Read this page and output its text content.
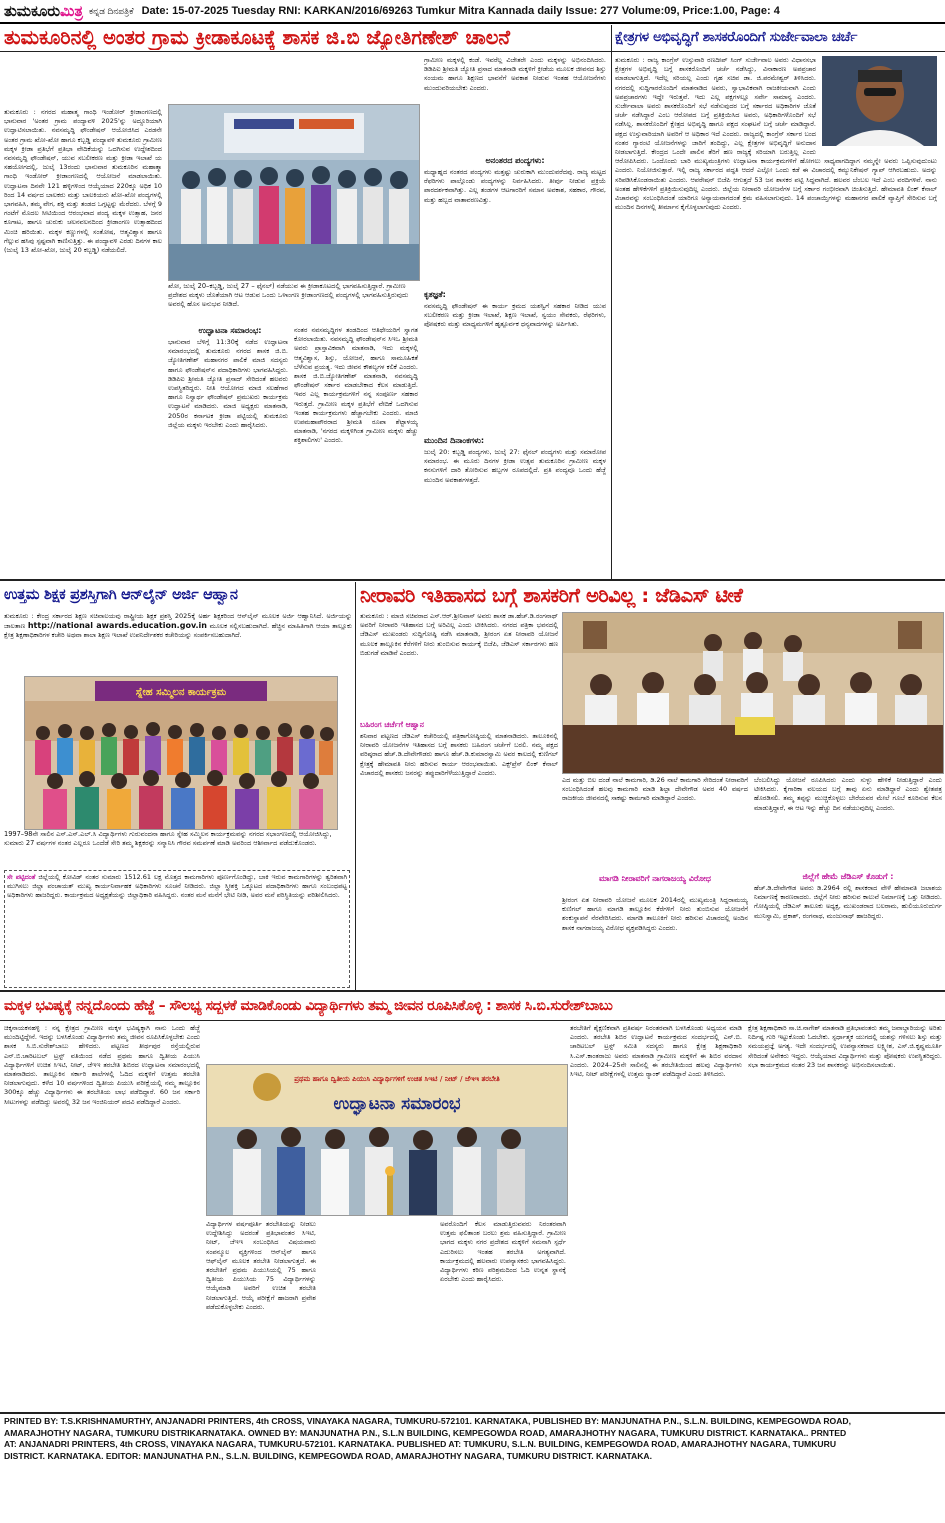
ತುಮಕೂರುಮಿತ್ರ ಕನ್ನಡ ದಿನಪತ್ರಿಕೆ Date: 15-07-2025 Tuesday RNI: KARKAN/2016/69263 Tumkur Mitra Kannada daily Issue: 277 Volume:09, Price:1.00, Page: 4
ತುಮಕೂರಿನಲ್ಲಿ ಅಂತರ ಗ್ರಾಮ ಕ್ರೀಡಾಕೂಟಕ್ಕೆ ಶಾಸಕ ಜಿ.ಬಿ ಜ್ಯೋತಿಗಣೇಶ್ ಚಾಲನೆ	ಕ್ಷೇತ್ರಗಳ ಅಭಿವೃದ್ಧಿಗೆ ಶಾಸಕರೊಂದಿಗೆ ಸುರ್ಜೇವಾಲಾ ಚರ್ಚೆ
ತುಮಕೂರು : ನಗರದ ಮಹಾತ್ಮ ಗಾಂಧಿ ಇಂಡೋರ್ ಕ್ರೀಡಾಂಗಣದಲ್ಲಿ ಭಾನುವಾರ 'ಅಂತರ ಗ್ರಾಮ ಪಂದ್ಯಾವಳಿ 2025'ನ್ನು ಅದ್ದೂರಿಯಾಗಿ ಉದ್ಘಾಟಿಸಲಾಯಿತು. ನವಸಮೃದ್ಧಿ ಫೌಂಡೇಷನ್ ಆಯೋಜಿಸಿದ ಎರಡನೇ ಅಂತರ ಗ್ರಾಮ ಖೋ-ಖೋ ಹಾಗೂ ಕಬ್ಬಡ್ಡಿ ಪಂದ್ಯಾವಳಿ ತುಮಕೂರು ಗ್ರಾಮೀಣ ಮಕ್ಕಳ ಕ್ರೀಡಾ ಪ್ರತಿಭೆಗೆ ಪ್ರತಿಭಾ ವೇದಿಕೆಯನ್ನು ಒದಗಿಸುವ ಉದ್ದೇಶದಿಂದ ನವಸಮೃದ್ಧಿ ಫೌಂಡೇಷನ್, ಯುವ ಸಬಲೀಕರಣ ಮತ್ತು ಕ್ರೀಡಾ ಇಲಾಖೆ ಯ ಸಹಯೋಗದಲ್ಲಿ, ಜುಲೈ 13ರಂದು ಭಾನುವಾರ ತುಮಕೂರಿನ ಮಹಾತ್ಮಾ ಗಾಂಧಿ ಇಂಡೋರ್ ಕ್ರೀಡಾಂಗಣದಲ್ಲಿ ಆಯೋಜನೆ ಮಾಡಲಾಯಿತು. ಉದ್ಘಾಟನಾ ದಿನವೇ 121 ಹಳ್ಳಿಗಳಿಂದ ಆಯ್ಕೆಯಾದ 220ಕ್ಕೂ ಅಧಿಕ 10 ರಿಂದ 14 ವರ್ಷದ ಬಾಲಕರು ಮತ್ತು ಬಾಲಕಿಯರು ಖೋ-ಖೋ ಪಂದ್ಯಗಳಲ್ಲಿ ಭಾಗವಹಿಸಿ, ತಮ್ಮ ವೇಗ, ಶಕ್ತಿ ಮತ್ತು ತಂಡದ ಒಗ್ಗಟ್ಟನ್ನು ಮೆರೆದರು. ಬೆಳಗ್ಗೆ 9 ಗಂಟೆಗೆ ಮೊದಲ ಸೀಟಿಯಿಂದ ಆರಂಭವಾದ ಪಂದ್ಯ ಮಕ್ಕಳ ಉತ್ಸಾಹ, ಜನರ ಕೂಗಾಟ, ಹಾಗೂ ಚುರುಕು ಚಲನವಲನದಿಂದ ಕ್ರೀಡಾಂಗಣ ಉತ್ಸಾಹದಿಂದ ಮಿಂಚಿ ಹರಿಯಿತು. ಮಕ್ಕಳ ಕಣ್ಣುಗಳಲ್ಲಿ ಸಂತೋಷ, ಆತ್ಮವಿಶ್ವಾಸ ಹಾಗೂ ಗೆಲ್ಲುವ ಹಸಿವು ಸ್ಪಷ್ಟವಾಗಿ ಕಾಣಿಸುತ್ತಿತ್ತು. ಈ ಪಂದ್ಯಾವಳಿ ಎರಡು ದಿನಗಳ ಕಾಲ (ಜುಲೈ 13 ಖೋ-ಖೋ, ಜುಲೈ 20 ಕಬ್ಬಡ್ಡಿ) ನಡೆಯಲಿದೆ.
ಖೋ, ಜುಲೈ 20–ಕಬ್ಬಡ್ಡಿ, ಜುಲೈ 27 – ಫೈನಲ್) ನಡೆಯುವ ಈ ಕ್ರೀಡಾಕೂಟದಲ್ಲಿ ಭಾಗವಹಿಸುತ್ತಿದ್ದಾರೆ. ಗ್ರಾಮೀಣ ಪ್ರದೇಶದ ಮಕ್ಕಳು ಜೊತೆಯಾಗಿ ಆಟ ಆಡುವ ಒಂದು ಒಳಾಂಗಣ ಕ್ರೀಡಾಂಗಣದಲ್ಲಿ ಪಂದ್ಯಗಳಲ್ಲಿ ಭಾಗವಹಿಸುತ್ತಿರುವುದು ಅವರಲ್ಲಿ ಹೊಸ ಅನುಭವ ನೀಡಿದೆ.
ಉದ್ಘಾಟನಾ ಸಮಾರಂಭ:
ಭಾನುವಾರ ಬೆಳಿಗ್ಗೆ 11:30ಕ್ಕೆ ನಡೆದ ಉದ್ಘಾಟನಾ ಸಮಾರಂಭದಲ್ಲಿ ತುಮಕೂರು ನಗರದ ಶಾಸಕ ಜಿ.ಬಿ. ಜ್ಯೋತಿಗಣೇಶ್ ಮಹಾನಗರ ಪಾಲಿಕೆ ಮಾಜಿ ಸದಸ್ಯರು ಹಾಗೂ ಫೌಂಡೇಷನ್‌ನ ಪದಾಧಿಕಾರಿಗಳು ಭಾಗವಹಿಸಿದ್ದರು. ಡಿಡಿಪಿಐ ಶ್ರೀಮತಿ ಜ್ಯೋತಿ ಪ್ರಸಾದ್ ಸೇರಿದಂತೆ ಹಲವರು ಉಪಸ್ಥಿತರಿದ್ದರು. ನೀತಿ ಆಯೋಗದ ಮಾಜಿ ಸಲಹೆಗಾರ ಹಾಗೂ ನಿಸ್ವಾರ್ಥ ಫೌಂಡೇಷನ್ ಪ್ರಮುಖರು ಕಾರ್ಯಕ್ರಮ ಉದ್ಘಾಟನೆ ಮಾಡಿದರು. ಮಾಜಿ ಅಧ್ಯಕ್ಷರು ಮಾತನಾಡಿ, 2050ರ ಕರ್ನಾಟಕ ಕ್ರೀಡಾ ಪಟ್ಟಿಯಲ್ಲಿ ತುಮಕೂರು ಜಿಲ್ಲೆಯ ಮಕ್ಕಳು ಇರಬೇಕು ಎಂದು ಹಾರೈಸಿದರು.
ನಂತರ ನವಸಮೃದ್ಧಿಗಳ ತಂಡದಿಂದ ಆತಿಥೇಯರಿಗೆ ಸ್ವಾಗತ ಕೋರಲಾಯಿತು. ನವಸಮೃದ್ಧಿ ಫೌಂಡೇಷನ್‌ನ ಸಿಇಒ ಶ್ರೀಮತಿ ಅವರು ಪ್ರಾಸ್ತಾವಿಕವಾಗಿ ಮಾತನಾಡಿ, ಇದು ಮಕ್ಕಳಲ್ಲಿ ಆತ್ಮವಿಶ್ವಾಸ, ಶಿಸ್ತು, ಯೋಜನೆ, ಹಾಗೂ ಸಾಮೂಹಿಕತೆ ಬೆಳೆಸುವ ಪ್ರಯತ್ನ. ಇದು ಜೀವನ ಕೌಶಲ್ಯಗಳ ಕಲಿಕೆ ಎಂದರು. ಶಾಸಕ ಜಿ.ಬಿ.ಜ್ಯೋತಿಗಣೇಶ್ ಮಾತನಾಡಿ, ನವಸಮೃದ್ಧಿ ಫೌಂಡೇಷನ್ ಸರ್ಕಾರ ಮಾಡಬೇಕಾದ ಕೆಲಸ ಮಾಡುತ್ತಿದೆ. ಇವರ ಎಲ್ಲ ಕಾರ್ಯಕ್ರಮಗಳಿಗೆ ನನ್ನ ಸಂಪೂರ್ಣ ಸಹಕಾರ ಇರುತ್ತದೆ. ಗ್ರಾಮೀಣ ಮಕ್ಕಳ ಪ್ರತಿಭೆಗೆ ವೇದಿಕೆ ಒದಗಿಸುವ ಇಂತಹ ಕಾರ್ಯಕ್ರಮಗಳು ಹೆಚ್ಚಾಗಬೇಕು ಎಂದರು. ಮಾಜಿ ಉಪಮಹಾಪೌರರಾದ ಶ್ರೀಮತಿ ರೂಪಾ ಶೆಟ್ಟಾಳಯ್ಯ ಮಾತನಾಡಿ, 'ನಗರದ ಮಕ್ಕಳಿಗಿಂತ ಗ್ರಾಮೀಣ ಮಕ್ಕಳು ಹೆಚ್ಚು ಶಕ್ತಿಶಾಲಿಗಳು' ಎಂದರು.
ಗ್ರಾಮೀಣ ಮಕ್ಕಳಲ್ಲಿ ಕಂಡೆ. ಇವರೆಲ್ಲ ವಿಜೇತರೇ ಎಂದು ಮಕ್ಕಳನ್ನು ಅಭಿನಂದಿಸಿದರು. ಡಿಡಿಪಿಐ ಶ್ರೀಮತಿ ಜ್ಯೋತಿ ಪ್ರಸಾದ ಮಾತನಾಡಿ ಮಕ್ಕಳಿಗೆ ಕ್ರೀಡೆಯ ಮೂಲಕ ಜೀವನದ ಶಿಸ್ತು ಸಂಯಮ ಹಾಗೂ ಶಿಕ್ಷಣದ ಭಾವನೆಗೆ ಅವಕಾಶ ನೀಡುವ ಇಂತಹ ಆಯೋಜನೆಗಳು ಮುಂದುವರಿಯಬೇಕು ಎಂದರು.
ಅನಂತರದ ಪಂದ್ಯಗಳು:
ಮಧ್ಯಾಹ್ನದ ನಂತರದ ಪಂದ್ಯಗಳು ಮತ್ತಷ್ಟು ಚುರುಕಾಗಿ ಮುಂದುವರೆದವು. ರಾಜ್ಯ ಮಟ್ಟದ ರೆಫರಿಗಳು ಪಾಲ್ಗೊಂಡು ಪಂದ್ಯಗಳನ್ನು ನಿರ್ವಹಿಸಿದರು. ತೀರ್ಪು ನೀಡುವ ಪ್ರಕ್ರಿಯೆ ಪಾರದರ್ಶಕವಾಗಿತ್ತು. ಎಲ್ಲ ತಂಡಗಳ ಆಟಗಾರರಿಗೆ ಸಮಾನ ಅವಕಾಶ, ಸಹಕಾರ, ಗೌರವ, ಮತ್ತು ಹಬ್ಬದ ವಾತಾವರಣವಿತ್ತು.
ಕೃತಜ್ಞತೆ:
ನವಸಮೃದ್ಧಿ ಫೌಂಡೇಷನ್ ಈ ಕಾರ್ಯ ಕ್ರಮದ ಯಶಸ್ವಿಗೆ ಸಹಕಾರ ನೀಡಿದ ಯುವ ಸಬಲೀಕರಣ ಮತ್ತು ಕ್ರೀಡಾ ಇಲಾಖೆ, ಶಿಕ್ಷಣ ಇಲಾಖೆ, ಸ್ವಯಂ ಸೇವಕರು, ರೆಫರಿಗಳು, ಪೋಷಕರು ಮತ್ತು ಮಾಧ್ಯಮಗಳಿಗೆ ಹೃತ್ಪೂರ್ವಕ ಧನ್ಯವಾದಗಳನ್ನು ಅರ್ಪಿಸಿತು.
ಮುಂದಿನ ದಿನಾಂಕಗಳು:
ಜುಲೈ 20: ಕಬ್ಬಡ್ಡಿ ಪಂದ್ಯಗಳು, ಜುಲೈ 27: ಫೈನಲ್ ಪಂದ್ಯಗಳು ಮತ್ತು ಸಮಾರೋಪ ಸಮಾರಂಭ. ಈ ಮೂರು ದಿನಗಳ ಕ್ರೀಡಾ ಉತ್ಸವ ತುಮಕೂರಿನ ಗ್ರಾಮೀಣ ಮಕ್ಕಳ ಕನಸುಗಳಿಗೆ ದಾರಿ ತೋರಿಸುವ ಹಬ್ಬಗಳ ರೂಪದಲ್ಲಿದೆ. ಪ್ರತಿ ಪಂದ್ಯವೂ ಒಂದು ಹೆಜ್ಜೆ ಮುಂದಿನ ಅವಕಾಶಗಳತ್ತದೆ.
ತುಮಕೂರು : ರಾಜ್ಯ ಕಾಂಗ್ರೆಸ್ ಉಸ್ತುವಾರಿ ರಣದೀಪ್ ಸಿಂಗ್ ಸುರ್ಜೇವಾಲ ಅವರು ವಿಧಾನಸಭಾ ಕ್ಷೇತ್ರಗಳ ಅಭಿವೃದ್ಧಿ ಬಗ್ಗೆ ಶಾಸಕರೊಂದಿಗೆ ಚರ್ಚೆ ನಡೆಸಿದ್ದು, ವಿನಾಕಾರಣ ಅಪಪ್ರಚಾರ ಮಾಡಲಾಗುತ್ತಿದೆ. ಇದೆಲ್ಲ ಸರಿಯಲ್ಲ ಎಂದು ಗೃಹ ಸಚಿವ ಡಾ. ಜಿ.ಪರಮೇಶ್ವರ್ ತಿಳಿಸಿದರು. ನಗರದಲ್ಲಿ ಸುದ್ದಿಗಾರರೊಂದಿಗೆ ಮಾತನಾಡಿದ ಅವರು, ಸ್ವಾಭಾವಿಕವಾಗಿ ರಾಜಕೀಯವಾಗಿ ಎಂದು ಅಪಪ್ರಚಾರಗಳು ಇದ್ದೇ ಇರುತ್ತವೆ. ಇದು ಎಲ್ಲ ಪಕ್ಷಗಳಲ್ಲೂ ಸರ್ವೇ ಸಾಮಾನ್ಯ ಎಂದರು. ಸುರ್ಜೇವಾಲಾ ಅವರು ಶಾಸಕರೊಂದಿಗೆ ಸಭೆ ನಡೆಸುವುದರ ಬಗ್ಗೆ ಸರ್ಕಾರದ ಅಧಿಕಾರಿಗಳ ಜೊತೆ ಚರ್ಚೆ ನಡೆಸಿದ್ದಾರೆ ಎಂಬ ಆರೋಪದ ಬಗ್ಗೆ ಪ್ರತಿಕ್ರಿಯಿಸಿದ ಅವರು, ಅಧಿಕಾರಿಗಳೊಂದಿಗೆ ಸಭೆ ನಡೆಸಿಲ್ಲ. ಶಾಸಕರೊಂದಿಗೆ ಕ್ಷೇತ್ರದ ಅಭಿವೃದ್ಧಿ ಹಾಗೂ ಪಕ್ಷದ ಸಂಘಟನೆ ಬಗ್ಗೆ ಚರ್ಚೆ ಮಾಡಿದ್ದಾರೆ. ಪಕ್ಷದ ಉಸ್ತುವಾರಿಯಾಗಿ ಅವರಿಗೆ ಆ ಅಧಿಕಾರ ಇದೆ ಎಂದರು. ರಾಜ್ಯದಲ್ಲಿ ಕಾಂಗ್ರೆಸ್ ಸರ್ಕಾರ ಬಂದ ನಂತರ ಗ್ಯಾರಂಟಿ ಯೋಜನೆಗಳನ್ನು ಜಾರಿಗೆ ತಂದಿದ್ದು, ಎಲ್ಲ ಕ್ಷೇತ್ರಗಳ ಅಭಿವೃದ್ಧಿಗೆ ಅನುದಾನ ನೀಡಲಾಗುತ್ತಿದೆ. ಕೇಂದ್ರದ ಒಂದೇ ಪಾಲಿನ ತೆರಿಗೆ ಹಣ ರಾಜ್ಯಕ್ಕೆ ಸರಿಯಾಗಿ ಬರುತ್ತಿಲ್ಲ ಎಂದು ಆರೋಪಿಸಿದರು. ಒಂದೊಂದು ಬಾರಿ ಮುಖ್ಯಮಂತ್ರಿಗಳು ಉದ್ಘಾಟನಾ ಕಾರ್ಯಕ್ರಮಗಳಿಗೆ ಹೋಗಲು ಸಾಧ್ಯವಾಗದಿದ್ದಾಗ ನಮ್ಮನ್ನೇ ಅವರು ಒಪ್ಪಿಸುವುದುಂಟು ಎಂದರು. ನಿಯೋಜಿಸುತ್ತಾರೆ. ಇಲ್ಲಿ ರಾಜ್ಯ ಸರ್ಕಾರದ ಪದ್ಧತಿ ಆದರೆ ಎಲ್ಲೋ ಒಂದು ಕಡೆ ಈ ವಿಚಾರದಲ್ಲಿ ಕಮ್ಯುನಿಕೇಷನ್ ಗ್ಯಾಪ್ ಆಗಿರಬಹುದು. ಅದನ್ನು ಸರಿಪಡಿಸಿಕೊಂಡರಾಯಿತು ಎಂದರು. ಆಪರೇಷನ್ ಬಿಜೆಪಿ ಆಗುತ್ತದೆ 53 ಜನ ಶಾಸಕರ ಪಟ್ಟಿ ಸಿದ್ಧವಾಗಿದೆ. ಹಲವರ ಬೆಂಬಲ ಇದೆ ಎಂಬ ವರದಿಗಳಿವೆ. ನಾನು ಅಂತಹ ಹೇಳಿಕೆಗಳಿಗೆ ಪ್ರತಿಕ್ರಿಯಿಸುವುದಿಲ್ಲ ಎಂದರು. ಜಿಲ್ಲೆಯ ನೀರಾವರಿ ಯೋಜನೆಗಳ ಬಗ್ಗೆ ಸರ್ಕಾರ ಗಂಭೀರವಾಗಿ ಚಿಂತಿಸುತ್ತಿದೆ. ಹೇಮಾವತಿ ಲಿಂಕ್ ಕೆನಾಲ್ ವಿಚಾರವನ್ನು ಸಂಬಂಧಿಸಿದಂತೆ ಯಾರಿಗೂ ಅನ್ಯಾಯವಾಗದಂತೆ ಕ್ರಮ ವಹಿಸಲಾಗುವುದು. 14 ಪಂಚಾಯ್ತಿಗಳನ್ನು ಮಹಾನಗರ ಪಾಲಿಕೆ ವ್ಯಾಪ್ತಿಗೆ ಸೇರಿಸುವ ಬಗ್ಗೆ ಮುಂದಿನ ದಿನಗಳಲ್ಲಿ ತೀರ್ಮಾನ ಕೈಗೊಳ್ಳಲಾಗುವುದು ಎಂದರು.
ಉತ್ತಮ ಶಿಕ್ಷಕ ಪ್ರಶಸ್ತಿಗಾಗಿ ಆನ್‌ಲೈನ್ ಅರ್ಜಿ ಆಹ್ವಾನ	ನೀರಾವರಿ ಇತಿಹಾಸದ ಬಗ್ಗೆ ಶಾಸಕರಿಗೆ ಅರಿವಿಲ್ಲ : ಜೆಡಿಎಸ್ ಟೀಕೆ
ತುಮಕೂರು : ಕೇಂದ್ರ ಸರ್ಕಾರದ ಶಿಕ್ಷಣ ಸಚಿವಾಲಯವು ರಾಷ್ಟ್ರೀಯ ಶಿಕ್ಷಕ ಪ್ರಶಸ್ತಿ 2025ಕ್ಕೆ ಅರ್ಹ ಶಿಕ್ಷಕರಿಂದ ಆನ್‌ಲೈನ್ ಮೂಲಕ ಅರ್ಜಿ ಆಹ್ವಾನಿಸಿದೆ. ಅರ್ಜಿಯನ್ನು ಜಾಲತಾಣ http://national awards.education.gov.in ಮೂಲಕ ಸಲ್ಲಿಸಬಹುದಾಗಿದೆ. ಹೆಚ್ಚಿನ ಮಾಹಿತಿಗಾಗಿ ಆಯಾ ತಾಲ್ಲೂಕು ಕ್ಷೇತ್ರ ಶಿಕ್ಷಣಾಧಿಕಾರಿಗಳ ಕಚೇರಿ ಅಥವಾ ಶಾಲಾ ಶಿಕ್ಷಣ ಇಲಾಖೆ ಉಪನಿರ್ದೇಶಕರ ಕಚೇರಿಯನ್ನು ಸಂಪರ್ಕಿಸಬಹುದಾಗಿದೆ.
ಸ್ನೇಹ ಸಮ್ಮಿಲನ ಕಾರ್ಯಕ್ರಮ
1997–98ನೇ ಸಾಲಿನ ಎಸ್.ಎಸ್.ಎಲ್.ಸಿ ವಿದ್ಯಾರ್ಥಿಗಳು ಗುರುವಂದನಾ ಹಾಗೂ ಸ್ನೇಹ ಸಮ್ಮಿಲನ ಕಾರ್ಯಕ್ರಮವನ್ನು ನಗರದ ಸಭಾಂಗಣದಲ್ಲಿ ಆಯೋಜಿಸಿದ್ದು, ಸುಮಾರು 27 ವರ್ಷಗಳ ನಂತರ ಎಲ್ಲರೂ ಒಂದೆಡೆ ಸೇರಿ ತಮ್ಮ ಶಿಕ್ಷಕರನ್ನು ಸನ್ಮಾನಿಸಿ ಗೌರವ ಸಮರ್ಪಣೆ ಮಾಡಿ ಅವರಿಂದ ಆಶೀರ್ವಾದ ಪಡೆದುಕೊಂಡರು.
ಸೇ ಪಟ್ಟಿದಂತೆ ಜಿಲ್ಲೆಯಲ್ಲಿ ಕೋವಿಡ್ ನಂತರ ಸುಮಾರು 1512.61 ಲಕ್ಷ ಮೊತ್ತದ ಕಾಮಗಾರಿಗಳು ಪೂರ್ಣಗೊಂಡಿದ್ದು, ಬಾಕಿ ಇರುವ ಕಾಮಗಾರಿಗಳನ್ನು ತ್ವರಿತವಾಗಿ ಮುಗಿಸಲು ಜಿಲ್ಲಾ ಪಂಚಾಯತ್ ಮುಖ್ಯ ಕಾರ್ಯನಿರ್ವಾಹಕ ಅಧಿಕಾರಿಗಳು ಸೂಚನೆ ನೀಡಿದರು. ಜಿಲ್ಲಾ ಸ್ತ್ರೀಶಕ್ತಿ ಒಕ್ಕೂಟದ ಪದಾಧಿಕಾರಿಗಳು ಹಾಗೂ ಸಂಬಂಧಪಟ್ಟ ಅಧಿಕಾರಿಗಳು ಹಾಜರಿದ್ದರು. ಕಾರ್ಯಕ್ರಮದ ಅಧ್ಯಕ್ಷತೆಯನ್ನು ಜಿಲ್ಲಾಧಿಕಾರಿ ವಹಿಸಿದ್ದರು. ನಂತರ ಮನೆ ಮನೆಗೆ ಭೇಟಿ ನೀಡಿ, ಅವರ ಮನೆ ಪರಿಸ್ಥಿತಿಯನ್ನು ಪರಿಶೀಲಿಸಿದರು.
ತುಮಕೂರು : ಮಾಜಿ ಸಚಿವರಾದ ಎಸ್.ಆರ್.ಶ್ರೀನಿವಾಸ್ ಅವರು ಶಾಸಕ ಡಾ.ಹೆಚ್.ಡಿ.ರಂಗನಾಥ್ ಅವರಿಗೆ ನೀರಾವರಿ ಇತಿಹಾಸದ ಬಗ್ಗೆ ಅರಿವಿಲ್ಲ ಎಂದು ಟೀಕಿಸಿದರು. ನಗರದ ಪತ್ರಿಕಾ ಭವನದಲ್ಲಿ ಜೆಡಿಎಸ್ ಮುಖಂಡರು ಸುದ್ದಿಗೋಷ್ಠಿ ನಡೆಸಿ ಮಾತನಾಡಿ, ಶ್ರೀರಂಗ ಏತ ನೀರಾವರಿ ಯೋಜನೆ ಮೂಲಕ ತಾಲ್ಲೂಕಿನ ಕೆರೆಗಳಿಗೆ ನೀರು ತುಂಬಿಸುವ ಕಾರ್ಯಕ್ಕೆ ಬಿಜೆಪಿ, ಜೆಡಿಎಸ್ ಸರ್ಕಾರಗಳು ಹಣ ಬಿಡುಗಡೆ ಮಾಡಿವೆ ಎಂದರು.
ಬಹಿರಂಗ ಚರ್ಚೆಗೆ ಆಹ್ವಾನ
ಶನಿವಾರ ಪಟ್ಟಣದ ಜೆಡಿಎಸ್ ಕಚೇರಿಯಲ್ಲಿ ಪತ್ರಿಕಾಗೋಷ್ಠಿಯಲ್ಲಿ ಮಾತನಾಡಿದರು. ತಾಲೂಕಿನಲ್ಲಿ ನೀರಾವರಿ ಯೋಜನೆಗಳ ಇತಿಹಾಸದ ಬಗ್ಗೆ ಶಾಸಕರು ಬಹಿರಂಗ ಚರ್ಚೆಗೆ ಬರಲಿ. ನಮ್ಮ ಪಕ್ಷದ ವರಿಷ್ಠರಾದ ಹೆಚ್.ಡಿ.ದೇವೇಗೌಡರು ಹಾಗೂ ಹೆಚ್.ಡಿ.ಕುಮಾರಸ್ವಾಮಿ ಅವರ ಕಾಲದಲ್ಲಿ ಕುಣಿಗಲ್ ಕ್ಷೇತ್ರಕ್ಕೆ ಹೇಮಾವತಿ ನೀರು ಹರಿಸುವ ಕಾರ್ಯ ಆರಂಭವಾಯಿತು. ಎಕ್ಸ್‌ಪ್ರೆಸ್ ಲಿಂಕ್ ಕೆನಾಲ್ ವಿಚಾರದಲ್ಲಿ ಶಾಸಕರು ಜನರನ್ನು ತಪ್ಪುದಾರಿಗೆಳೆಯುತ್ತಿದ್ದಾರೆ ಎಂದರು.
ಎದ ಮತ್ತು ಬಿಲ ದಂಡೆ ನಾಲೆ ಕಾಮಗಾರಿ, ಡಿ.26 ನಾಲೆ ಕಾಮಗಾರಿ ಸೇರಿದಂತೆ ನೀರಾವರಿಗೆ ಸಂಬಂಧಿಸಿದಂತೆ ಹಲವು ಕಾಮಗಾರಿ ಮಾಡಿ ಶಿಲ್ಪಾ ದೇವೇಗೌಡ ಅವರ 40 ವರ್ಷದ ರಾಜಕೀಯ ಜೀವನದಲ್ಲಿ ಸಾಕಷ್ಟು ಕಾಮಗಾರಿ ಮಾಡಿದ್ದಾರೆ ಎಂದರು.
ಮಾಗಡಿ ನೀರಾವರಿಗೆ ನಾಗರಾಜಯ್ಯ ವಿರೋಧ
ಶ್ರೀರಂಗ ಏತ ನೀರಾವರಿ ಯೋಜನೆ ಮೂಲಕ 2014ರಲ್ಲಿ ಮುಖ್ಯಮಂತ್ರಿ ಸಿದ್ದರಾಮಯ್ಯ ಕುಣಿಗಲ್ ಹಾಗೂ ಮಾಗಡಿ ತಾಲ್ಲೂಕಿನ ಕೆರೆಗಳಿಗೆ ನೀರು ತುಂಬಿಸುವ ಯೋಜನೆಗೆ ಶಂಕುಸ್ಥಾಪನೆ ನೆರವೇರಿಸಿದರು. ಮಾಗಡಿ ತಾಲೂಕಿಗೆ ನೀರು ಹರಿಸುವ ವಿಚಾರದಲ್ಲಿ ಅಂದಿನ ಶಾಸಕ ನಾಗರಾಜಯ್ಯ ವಿರೋಧ ವ್ಯಕ್ತಪಡಿಸಿದ್ದರು ಎಂದರು.
ಬೆಂಬಲಿಸಿದ್ದು ಯೋಜನೆ ರೂಪಿಸಿದರು ಎಂದು ಸುಳ್ಳು ಹೇಳಿಕೆ ನೀಡುತ್ತಿದ್ದಾರೆ ಎಂದು ಟೀಕಿಸಿದರು. ಕೈಗಾರಿಕಾ ವಲಯದ ಬಗ್ಗೆ ತಾವು ಏನು ಮಾಡಿದ್ದಾರೆ ಎಂದು ಶ್ವೇತಪತ್ರ ಹೊರಡಿಸಲಿ. ತಮ್ಮ ತಪ್ಪನ್ನು ಮುಚ್ಚಿಕೊಳ್ಳಲು ಬೇರೆಯವರ ಮೇಲೆ ಗೂಬೆ ಕೂರಿಸುವ ಕೆಲಸ ಮಾಡುತ್ತಿದ್ದಾರೆ, ಈ ಆಟ ಇನ್ನು ಹೆಚ್ಚು ದಿನ ನಡೆಯುವುದಿಲ್ಲ ಎಂದರು.
ಜಿಲ್ಲೆಗೆ ಹೇಮೆ ಜೆಡಿಎಸ್ ಕೊಡುಗೆ :
ಹೆಚ್.ಡಿ.ದೇವೇಗೌಡ ಅವರು ಡಿ.2964 ರಲ್ಲಿ ಶಾಸಕರಾದ ವೇಳೆ ಹೇಮಾವತಿ ಜಲಾಶಯ ನಿರ್ಮಾಣಕ್ಕೆ ಕಾರಣರಾದರು. ಜಿಲ್ಲೆಗೆ ನೀರು ಹರಿಸುವ ಕಾಲುವೆ ನಿರ್ಮಾಣಕ್ಕೆ ಒತ್ತು ನೀಡಿದರು. ಗೋಷ್ಠಿಯಲ್ಲಿ ಜೆಡಿಎಸ್ ತಾಲೂಕು ಅಧ್ಯಕ್ಷ, ಮುಖಂಡರಾದ ಬಲರಾಮ, ಹುಲಿಯೂರುದುರ್ಗ ಮುನಿಸ್ವಾಮಿ, ಪ್ರಕಾಶ್, ರಂಗನಾಥ, ಮಂಜುನಾಥ್ ಹಾಜರಿದ್ದರು.
ಮಕ್ಕಳ ಭವಿಷ್ಯಕ್ಕೆ ನನ್ನದೊಂದು ಹೆಜ್ಜೆ – ಸೌಲಭ್ಯ ಸದ್ಬಳಕೆ ಮಾಡಿಕೊಂಡು ವಿದ್ಯಾರ್ಥಿಗಳು ತಮ್ಮ ಜೀವನ ರೂಪಿಸಿಕೊಳ್ಳಿ : ಶಾಸಕ ಸಿ.ಬಿ.ಸುರೇಶ್‌ಬಾಬು
ಚಿಕ್ಕನಾಯಕನಹಳ್ಳಿ : ನನ್ನ ಕ್ಷೇತ್ರದ ಗ್ರಾಮೀಣ ಮಕ್ಕಳ ಭವಿಷ್ಯಕ್ಕಾಗಿ ನಾನು ಒಂದು ಹೆಜ್ಜೆ ಮುಂದಿಟ್ಟಿದ್ದೇನೆ. ಇದನ್ನು ಬಳಸಿಕೊಂಡು ವಿದ್ಯಾರ್ಥಿಗಳು ತಮ್ಮ ಜೀವನ ರೂಪಿಸಿಕೊಳ್ಳಬೇಕು ಎಂದು ಶಾಸಕ ಸಿ.ಬಿ.ಸುರೇಶ್‌ಬಾಬು ಹೇಳಿದರು. ಪಟ್ಟಣದ ತೀರ್ಥಪುರ ರಸ್ತೆಯಲ್ಲಿರುವ ಎನ್.ಬಿ.ಚಾರಿಟಬಲ್ ಟ್ರಸ್ಟ್ ವತಿಯಿಂದ ನಡೆದ ಪ್ರಥಮ ಹಾಗೂ ದ್ವಿತೀಯ ಪಿಯುಸಿ ವಿದ್ಯಾರ್ಥಿಗಳಿಗೆ ಉಚಿತ ಸಿಇಟಿ, ನೀಟ್, ಜೆಇಇ ತರಬೇತಿ ಶಿಬಿರದ ಉದ್ಘಾಟನಾ ಸಮಾರಂಭದಲ್ಲಿ ಮಾತನಾಡಿದರು. ತಾಲ್ಲೂಕಿನ ಸರ್ಕಾರಿ ಶಾಲೆಗಳಲ್ಲಿ ಓದಿದ ಮಕ್ಕಳಿಗೆ ಉತ್ತಮ ತರಬೇತಿ ನೀಡಲಾಗುವುದು. ಕಳೆದ 10 ವರ್ಷಗಳಿಂದ ದ್ವಿತೀಯ ಪಿಯುಸಿ ಪರೀಕ್ಷೆಯಲ್ಲಿ ನಮ್ಮ ತಾಲ್ಲೂಕಿನ 300ಕ್ಕೂ ಹೆಚ್ಚು ವಿದ್ಯಾರ್ಥಿಗಳು ಈ ತರಬೇತಿಯ ಲಾಭ ಪಡೆದಿದ್ದಾರೆ. 60 ಜನ ಸರ್ಕಾರಿ ಸೀಟುಗಳನ್ನು ಪಡೆದಿದ್ದು ಅವರಲ್ಲಿ 32 ಜನ ಇಂಜಿನಿಯರ್ ಪದವಿ ಪಡೆದಿದ್ದಾರೆ ಎಂದರು.
ಪ್ರಥಮ ಹಾಗೂ ದ್ವಿತೀಯ ಪಿಯುಸಿ ವಿದ್ಯಾರ್ಥಿಗಳಿಗೆ ಉಚಿತ ಸಿಇಟಿ / ನೀಟ್ / ಜೆಇಇ ತರಬೇತಿ
ಉದ್ಘಾಟನಾ ಸಮಾರಂಭ
ವಿದ್ಯಾರ್ಥಿಗಳ ವರ್ಷಪೂರ್ತಿ ತರಬೇತಿಯನ್ನು ನೀಡಲು ಉದ್ದೇಶಿಸಿದ್ದು ಅದರಂತೆ ಪ್ರತಿಭಾವಂತರ ಸಿಇಟಿ, ನೀಟ್, ಜೆಇಇ ಸಂಬಂಧಿಸಿದ ವಿಷಯವಾರು ಸಂಪನ್ಮೂಲ ವ್ಯಕ್ತಿಗಳಿಂದ ಆನ್‌ಲೈನ್ ಹಾಗೂ ಆಫ್‌ಲೈನ್ ಮೂಲಕ ತರಬೇತಿ ನೀಡಲಾಗುತ್ತದೆ. ಈ ತರಬೇತಿಗೆ ಪ್ರಥಮ ಪಿಯುಸಿಯಲ್ಲಿ 75 ಹಾಗೂ ದ್ವಿತೀಯ ಪಿಯುಸಿಯ 75 ವಿದ್ಯಾರ್ಥಿಗಳನ್ನು ಆಯ್ಕೆಮಾಡಿ ಅವರಿಗೆ ಉಚಿತ ತರಬೇತಿ ನೀಡಲಾಗುತ್ತಿದೆ. ಆಯ್ಕೆ ಪರೀಕ್ಷೆಗೆ ಹಾಜರಾಗಿ ಪ್ರವೇಶ ಪಡೆದುಕೊಳ್ಳಬೇಕು ಎಂದರು.
ಅವರೊಂದಿಗೆ ಕೆಲಸ ಮಾಡುತ್ತಿರುವವರು ನಿರಂತರವಾಗಿ ಉತ್ತಮ ಫಲಿತಾಂಶ ಬರಲು ಶ್ರಮ ವಹಿಸುತ್ತಿದ್ದಾರೆ. ಗ್ರಾಮೀಣ ಭಾಗದ ಮಕ್ಕಳು ನಗರ ಪ್ರದೇಶದ ಮಕ್ಕಳಿಗೆ ಸಮನಾಗಿ ಸ್ಪರ್ಧೆ ಎದುರಿಸಲು ಇಂತಹ ತರಬೇತಿ ಅಗತ್ಯವಾಗಿದೆ. ಕಾರ್ಯಕ್ರಮದಲ್ಲಿ ಹಲವಾರು ಉಪನ್ಯಾಸಕರು ಭಾಗವಹಿಸಿದ್ದರು. ವಿದ್ಯಾರ್ಥಿಗಳು ಕಠಿಣ ಪರಿಶ್ರಮದಿಂದ ಓದಿ ಉನ್ನತ ಸ್ಥಾನಕ್ಕೆ ಏರಬೇಕು ಎಂದು ಹಾರೈಸಿದರು.
ತರಬೇತಿಗೆ ಶೈಕ್ಷಣಿಕವಾಗಿ ಪ್ರತಿವರ್ಷ ನಿರಂತರವಾಗಿ ಬಳಸಿಕೊಂಡು ಅಧ್ಯಯನ ಮಾಡಿ ಎಂದರು. ತರಬೇತಿ ಶಿಬಿರ ಉದ್ಘಾಟನೆ ಕಾರ್ಯಕ್ರಮದ ಸಂದರ್ಭದಲ್ಲಿ ಎನ್.ಬಿ. ಚಾರಿಟಬಲ್ ಟ್ರಸ್ಟ್ ಸಮಿತಿ ಸದಸ್ಯರು ಹಾಗೂ ಕ್ಷೇತ್ರ ಶಿಕ್ಷಣಾಧಿಕಾರಿ ಸಿ.ಎಸ್.ಕಾಂತರಾಜು ಅವರು ಮಾತನಾಡಿ ಗ್ರಾಮೀಣ ಮಕ್ಕಳಿಗೆ ಈ ಶಿಬಿರ ವರದಾನ ಎಂದರು. 2024–25ನೇ ಸಾಲಿನಲ್ಲಿ ಈ ತರಬೇತಿಯಿಂದ ಹಲವು ವಿದ್ಯಾರ್ಥಿಗಳು ಸಿಇಟಿ, ನೀಟ್ ಪರೀಕ್ಷೆಗಳಲ್ಲಿ ಉತ್ತಮ ರ‍್ಯಾಂಕ್ ಪಡೆದಿದ್ದಾರೆ ಎಂದು ತಿಳಿಸಿದರು.
ಕ್ಷೇತ್ರ ಶಿಕ್ಷಣಾಧಿಕಾರಿ ಸಾ.ಚಿ.ನಾಗೇಶ್ ಮಾತನಾಡಿ ಪ್ರತಿಭಾವಂತರು ತಮ್ಮ ಜವಾಬ್ದಾರಿಯನ್ನು ಅರಿತು ನಿರ್ದಿಷ್ಟ ಗುರಿ ಇಟ್ಟುಕೊಂಡು ಓದಬೇಕು. ಸ್ಪರ್ಧಾತ್ಮಕ ಯುಗದಲ್ಲಿ ಯಶಸ್ಸು ಗಳಿಸಲು ಶಿಸ್ತು ಮತ್ತು ಸಮಯಪ್ರಜ್ಞೆ ಅಗತ್ಯ. ಇದೇ ಸಂದರ್ಭದಲ್ಲಿ ಉಪನ್ಯಾಸಕರಾದ ಲಕ್ಷ್ಮೀಶ, ಎಸ್.ಜಿ.ಕೃಷ್ಣಮೂರ್ತಿ ಸೇರಿದಂತೆ ಅನೇಕರು ಇದ್ದರು. ಆಯ್ಕೆಯಾದ ವಿದ್ಯಾರ್ಥಿಗಳು ಮತ್ತು ಪೋಷಕರು ಉಪಸ್ಥಿತರಿದ್ದರು. ಸಭಾ ಕಾರ್ಯಕ್ರಮದ ನಂತರ 23 ಜನ ಶಾಸಕರನ್ನು ಅಭಿನಂದಿಸಲಾಯಿತು.
PRINTED BY: T.S.KRISHNAMURTHY, ANJANADRI PRINTERS, 4th CROSS, VINAYAKA NAGARA, TUMKURU-572101. KARNATAKA, PUBLISHED BY: MANJUNATHA P.N., S.L.N. BUILDING, KEMPEGOWDA ROAD,
AMARAJHOTHY NAGARA, TUMKURU DISTRIKARNATAKA. OWNED BY: MANJUNATHA P.N., S.L.N BUILDING, KEMPEGOWDA ROAD, AMARAJHOTHY NAGARA, TUMKURU DISTRICT. KARNATAKA.. PRNTED
AT: ANJANADRI PRINTERS, 4th CROSS, VINAYAKA NAGARA, TUMKURU-572101. KARNATAKA. PUBLISHED AT: TUMKURU, S.L.N. BUILDING, KEMPEGOWDA ROAD, AMARAJHOTHY NAGARA, TUMKURU
DISTRICT. KARNATAKA. EDITOR: MANJUNATHA P.N., S.L.N. BUILDING, KEMPEGOWDA ROAD, AMARAJHOTHY NAGARA, TUMKURU DISTRICT. KARNATAKA.
